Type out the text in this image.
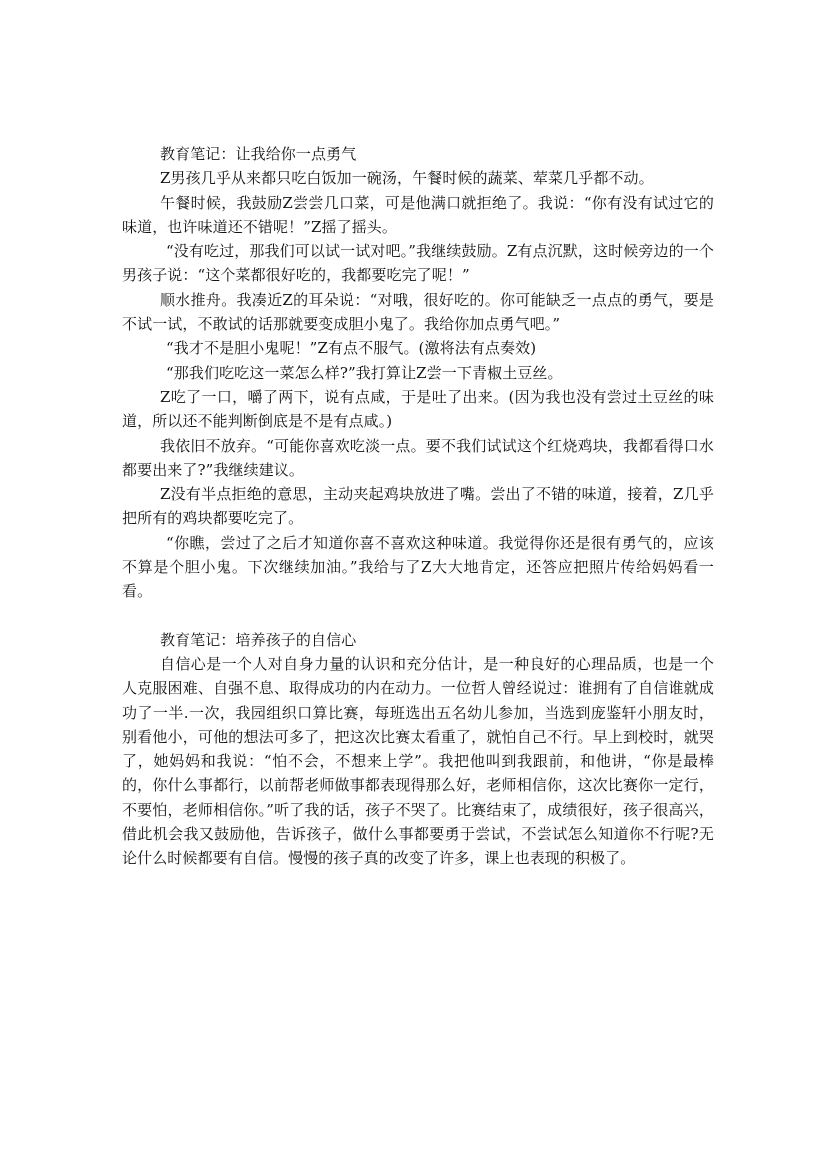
教育笔记：让我给你一点勇气

Z男孩几乎从来都只吃白饭加一碗汤，午餐时候的蔬菜、荤菜几乎都不动。

午餐时候，我鼓励Z尝尝几口菜，可是他满口就拒绝了。我说：“你有没有试过它的味道，也许味道还不错呢！”Z摇了摇头。

“没有吃过，那我们可以试一试对吧。”我继续鼓励。Z有点沉默，这时候旁边的一个男孩子说：“这个菜都很好吃的，我都要吃完了呢！”

顺水推舟。我凑近Z的耳朵说：“对哦，很好吃的。你可能缺乏一点点的勇气，要是不试一试，不敢试的话那就要变成胆小鬼了。我给你加点勇气吧。”

“我才不是胆小鬼呢！”Z有点不服气。(激将法有点奏效)

“那我们吃吃这一菜怎么样?”我打算让Z尝一下青椒土豆丝。

Z吃了一口，嚼了两下，说有点咸，于是吐了出来。(因为我也没有尝过土豆丝的味道，所以还不能判断倒底是不是有点咸。)

我依旧不放弃。“可能你喜欢吃淡一点。要不我们试试这个红烧鸡块，我都看得口水都要出来了?”我继续建议。

Z没有半点拒绝的意思，主动夹起鸡块放进了嘴。尝出了不错的味道，接着，Z几乎把所有的鸡块都要吃完了。

“你瞧，尝过了之后才知道你喜不喜欢这种味道。我觉得你还是很有勇气的，应该不算是个胆小鬼。下次继续加油。”我给与了Z大大地肯定，还答应把照片传给妈妈看一看。

教育笔记：培养孩子的自信心

自信心是一个人对自身力量的认识和充分估计，是一种良好的心理品质，也是一个人克服困难、自强不息、取得成功的内在动力。一位哲人曾经说过：谁拥有了自信谁就成功了一半.一次，我园组织口算比赛，每班选出五名幼儿参加，当选到庞鉴轩小朋友时，别看他小，可他的想法可多了，把这次比赛太看重了，就怕自己不行。早上到校时，就哭了，她妈妈和我说：“怕不会，不想来上学”。我把他叫到我跟前，和他讲，“你是最棒的，你什么事都行，以前帮老师做事都表现得那么好，老师相信你，这次比赛你一定行，不要怕，老师相信你。”听了我的话，孩子不哭了。比赛结束了，成绩很好，孩子很高兴，借此机会我又鼓励他，告诉孩子，做什么事都要勇于尝试，不尝试怎么知道你不行呢?无论什么时候都要有自信。慢慢的孩子真的改变了许多，课上也表现的积极了。
